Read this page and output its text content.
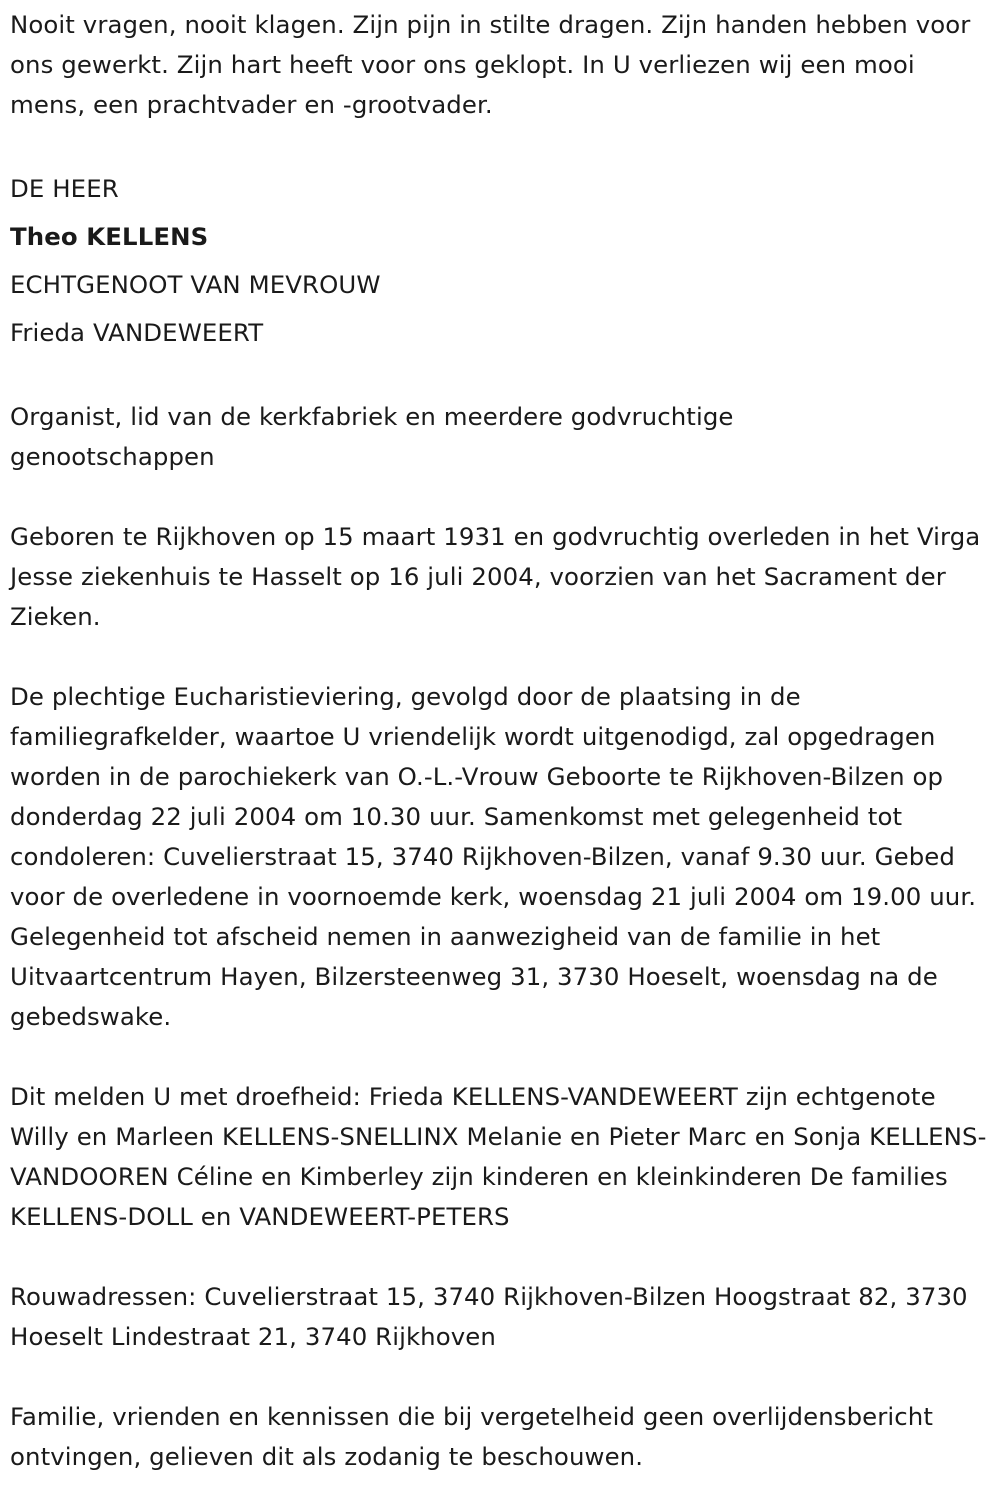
Nooit vragen, nooit klagen. Zijn pijn in stilte dragen. Zijn handen hebben voor ons gewerkt. Zijn hart heeft voor ons geklopt. In U verliezen wij een mooi mens, een prachtvader en -grootvader.

DE HEER

Theo KELLENS

ECHTGENOOT VAN MEVROUW

Frieda VANDEWEERT

Organist, lid van de kerkfabriek en meerdere godvruchtige genootschappen

Geboren te Rijkhoven op 15 maart 1931 en godvruchtig overleden in het Virga Jesse ziekenhuis te Hasselt op 16 juli 2004, voorzien van het Sacrament der Zieken.

De plechtige Eucharistieviering, gevolgd door de plaatsing in de familiegrafkelder, waartoe U vriendelijk wordt uitgenodigd, zal opgedragen worden in de parochiekerk van O.-L.-Vrouw Geboorte te Rijkhoven-Bilzen op donderdag 22 juli 2004 om 10.30 uur. Samenkomst met gelegenheid tot condoleren: Cuvelierstraat 15, 3740 Rijkhoven-Bilzen, vanaf 9.30 uur. Gebed voor de overledene in voornoemde kerk, woensdag 21 juli 2004 om 19.00 uur. Gelegenheid tot afscheid nemen in aanwezigheid van de familie in het Uitvaartcentrum Hayen, Bilzersteenweg 31, 3730 Hoeselt, woensdag na de gebedswake.

Dit melden U met droefheid: Frieda KELLENS-VANDEWEERT zijn echtgenote Willy en Marleen KELLENS-SNELLINX Melanie en Pieter Marc en Sonja KELLENS-VANDOOREN Céline en Kimberley zijn kinderen en kleinkinderen De families KELLENS-DOLL en VANDEWEERT-PETERS

Rouwadressen: Cuvelierstraat 15, 3740 Rijkhoven-Bilzen Hoogstraat 82, 3730 Hoeselt Lindestraat 21, 3740 Rijkhoven

Familie, vrienden en kennissen die bij vergetelheid geen overlijdensbericht ontvingen, gelieven dit als zodanig te beschouwen.
